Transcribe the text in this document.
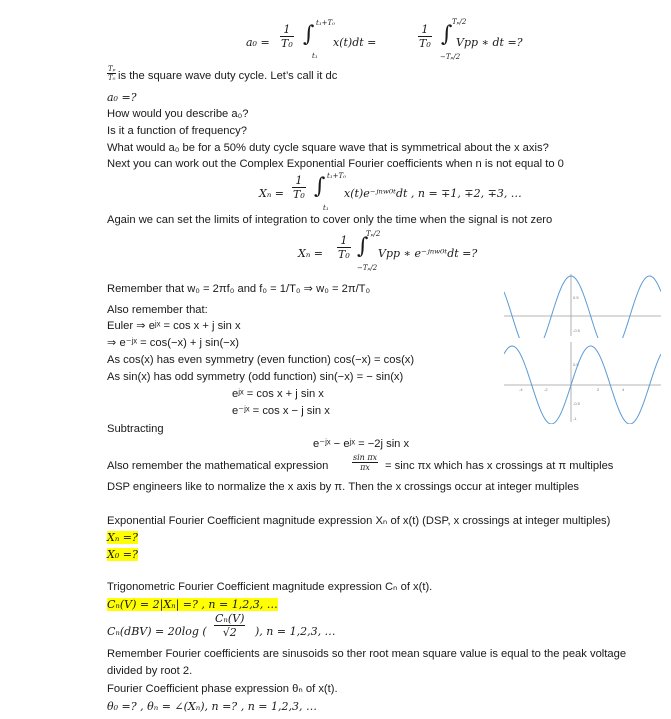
$a_0 = \frac{1}{\text{T₀}}$ ∫ t₁+T₀
t₁
x(t)dt =	$\frac{1}{\text{T₀}}$ ∫ Tₚ/2
−Tₚ/2
Vpp ∗ dt =?
$\frac{\text{Tₚ}}{\text{T₀}}$ is the square wave duty cycle. Let’s call it dc
a₀ =?
How would you describe a₀?
Is it a function of frequency?
What would a₀ be for a 50% duty cycle square wave that is symmetrical about the x axis?
Next you can work out the Complex Exponential Fourier coefficients when n is not equal to 0
$X_n = \frac{1}{\text{T₀}}$ ∫ t₁+T₀
t₁
x(t)e⁻ʲⁿʷ⁰ᵗdt , n = ∓1, ∓2, ∓3, …
Again we can set the limits of integration to cover only the time when the signal is not zero
$X_n = \frac{1}{\text{T₀}}$ ∫
Tₚ/2
−Tₚ/2
Vpp ∗ e⁻ʲⁿʷ⁰ᵗdt =?
Remember that w₀ = 2πf₀ and f₀ = 1/T₀ ⇒ w₀ = 2π/T₀
Also remember that:
Euler ⇒ eʲˣ = cos x + j sin x
⇒ e⁻ʲˣ = cos(−x) + j sin(−x)
As cos(x) has even symmetry (even function) cos(−x) = cos(x)
As sin(x) has odd symmetry (odd function) sin(−x) = − sin(x)
eʲˣ = cos x + j sin x
e⁻ʲˣ = cos x − j sin x
Subtracting
e⁻ʲˣ − eʲˣ = −2j sin x
Also remember the mathematical expression	$\frac{\text{sin πx}}{\pi x} = \sin c$ πx which has x crossings at π multiples
DSP engineers like to normalize the x axis by π. Then the x crossings occur at integer multiples
Exponential Fourier Coefficient magnitude expression Xₙ of x(t) (DSP, x crossings at integer multiples)
Xₙ =?
X₀ =?
Trigonometric Fourier Coefficient magnitude expression Cₙ of x(t).
Cₙ(V) = 2|Xₙ| =? , n = 1,2,3, …
Cₙ(dBV) = 20log ( $\frac{\text{Cₙ(V)}}{√2}$ ), n = 1,2,3, …
Remember Fourier coefficients are sinusoids so ther root mean square value is equal to the peak voltage
divided by root 2.
Fourier Coefficient phase expression θₙ of x(t).
θ₀ =? , θₙ = ∠(Xₙ), n =? , n = 1,2,3, …
0.5
-0.5
0.5
-0.5
-1
-4	-2	2	4
